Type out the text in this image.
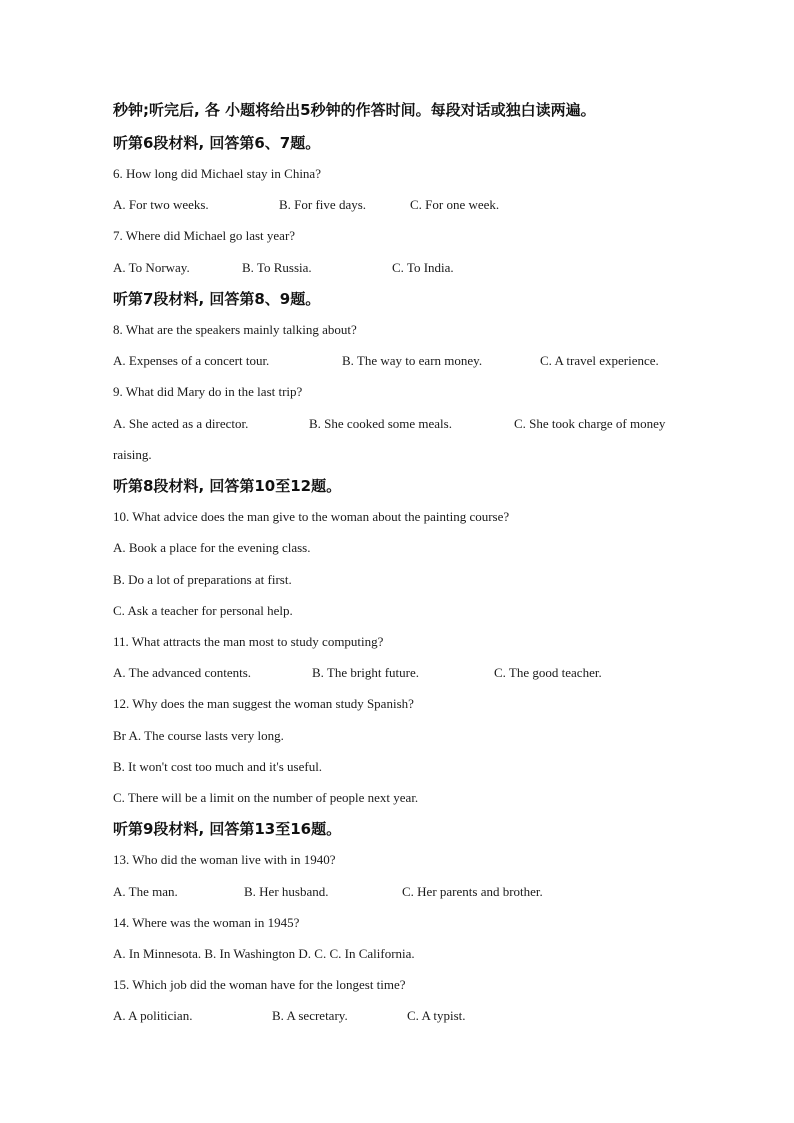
秒钟;听完后, 各 小题将给出5秒钟的作答时间。每段对话或独白读两遍。
听第6段材料, 回答第6、7题。
6. How long did Michael stay in China?
A. For two weeks.	B. For five days.	C. For one week.
7. Where did Michael go last year?
A. To Norway.	B. To Russia.	C. To India.
听第7段材料, 回答第8、9题。
8. What are the speakers mainly talking about?
A. Expenses of a concert tour.	B. The way to earn money.	C. A travel experience.
9. What did Mary do in the last trip?
A. She acted as a director.	B. She cooked some meals.	C. She took charge of money
raising.
听第8段材料, 回答第10至12题。
10. What advice does the man give to the woman about the painting course?
A. Book a place for the evening class.
B. Do a lot of preparations at first.
C. Ask a teacher for personal help.
11. What attracts the man most to study computing?
A. The advanced contents.	B. The bright future.	C. The good teacher.
12. Why does the man suggest the woman study Spanish?
Br A. The course lasts very long.
B. It won't cost too much and it's useful.
C. There will be a limit on the number of people next year.
听第9段材料, 回答第13至16题。
13. Who did the woman live with in 1940?
A. The man.	B. Her husband.	C. Her parents and brother.
14. Where was the woman in 1945?
A. In Minnesota. B. In Washington D. C. C. In California.
15. Which job did the woman have for the longest time?
A. A politician.	B. A secretary.	C. A typist.
